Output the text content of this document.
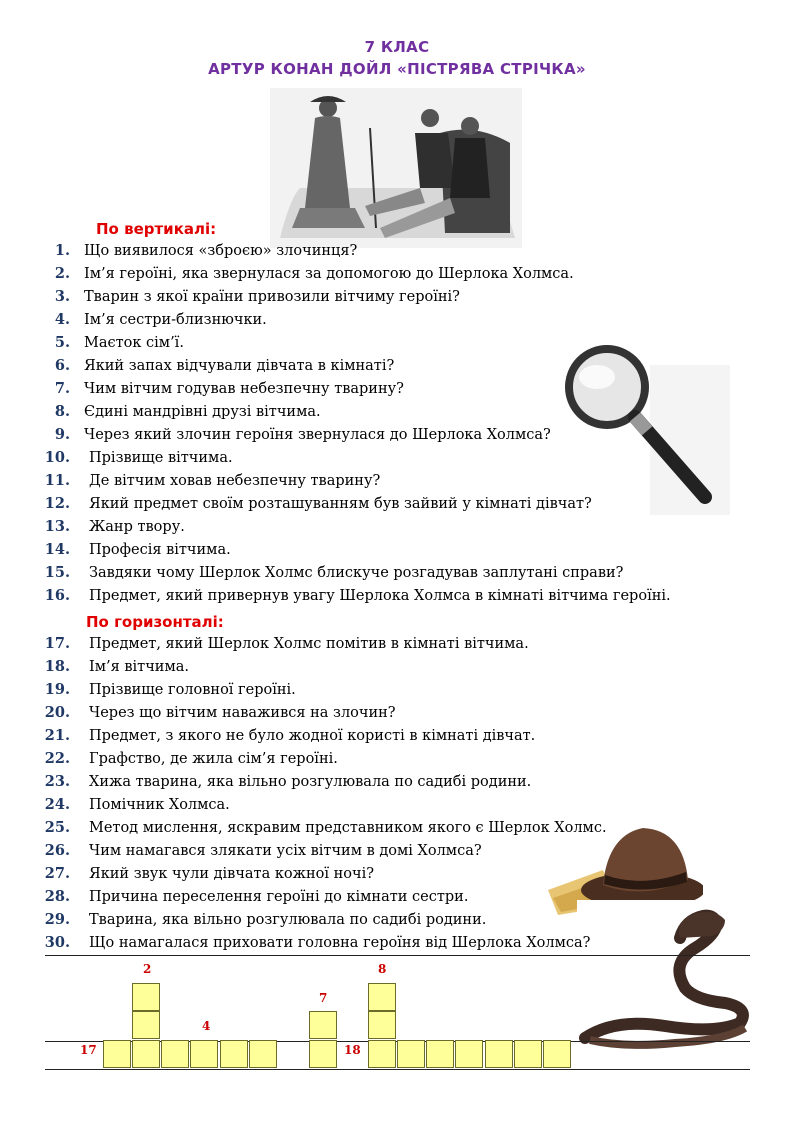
7 КЛАС
АРТУР КОНАН ДОЙЛ «ПІСТРЯВА СТРІЧКА»
По вертикалі:
1. Що виявилося «зброєю» злочинця?
2. Ім’я героїні, яка звернулася за допомогою до Шерлока Холмса.
3. Тварин з якої країни привозили вітчиму героїні?
4. Ім’я сестри-близнючки.
5. Маєток сім’ї.
6. Який запах відчували дівчата в кімнаті?
7. Чим вітчим годував небезпечну тварину?
8. Єдині мандрівні друзі вітчима.
9. Через який злочин героїня звернулася до Шерлока Холмса?
10. Прізвище вітчима.
11. Де вітчим ховав небезпечну тварину?
12. Який предмет своїм розташуванням був зайвий у кімнаті дівчат?
13. Жанр твору.
14. Професія вітчима.
15. Завдяки чому Шерлок Холмс блискуче розгадував заплутані справи?
16. Предмет, який привернув увагу Шерлока Холмса в кімнаті вітчима героїні.
По горизонталі:
17. Предмет, який Шерлок Холмс помітив в кімнаті вітчима.
18. Ім’я вітчима.
19. Прізвище головної героїні.
20. Через що вітчим наважився на злочин?
21. Предмет, з якого не було жодної користі в кімнаті дівчат.
22. Графство, де жила сім’я героїні.
23. Хижа тварина, яка вільно розгулювала по садибі родини.
24. Помічник Холмса.
25. Метод мислення, яскравим представником якого є Шерлок Холмс.
26. Чим намагався злякати усіх вітчим в домі Холмса?
27. Який звук чули дівчата кожної ночі?
28. Причина переселення героїні до кімнати сестри.
29. Тварина, яка вільно розгулювала по садибі родини.
30. Що намагалася приховати головна героїня від Шерлока Холмса?
2
4
7
8
17	18
